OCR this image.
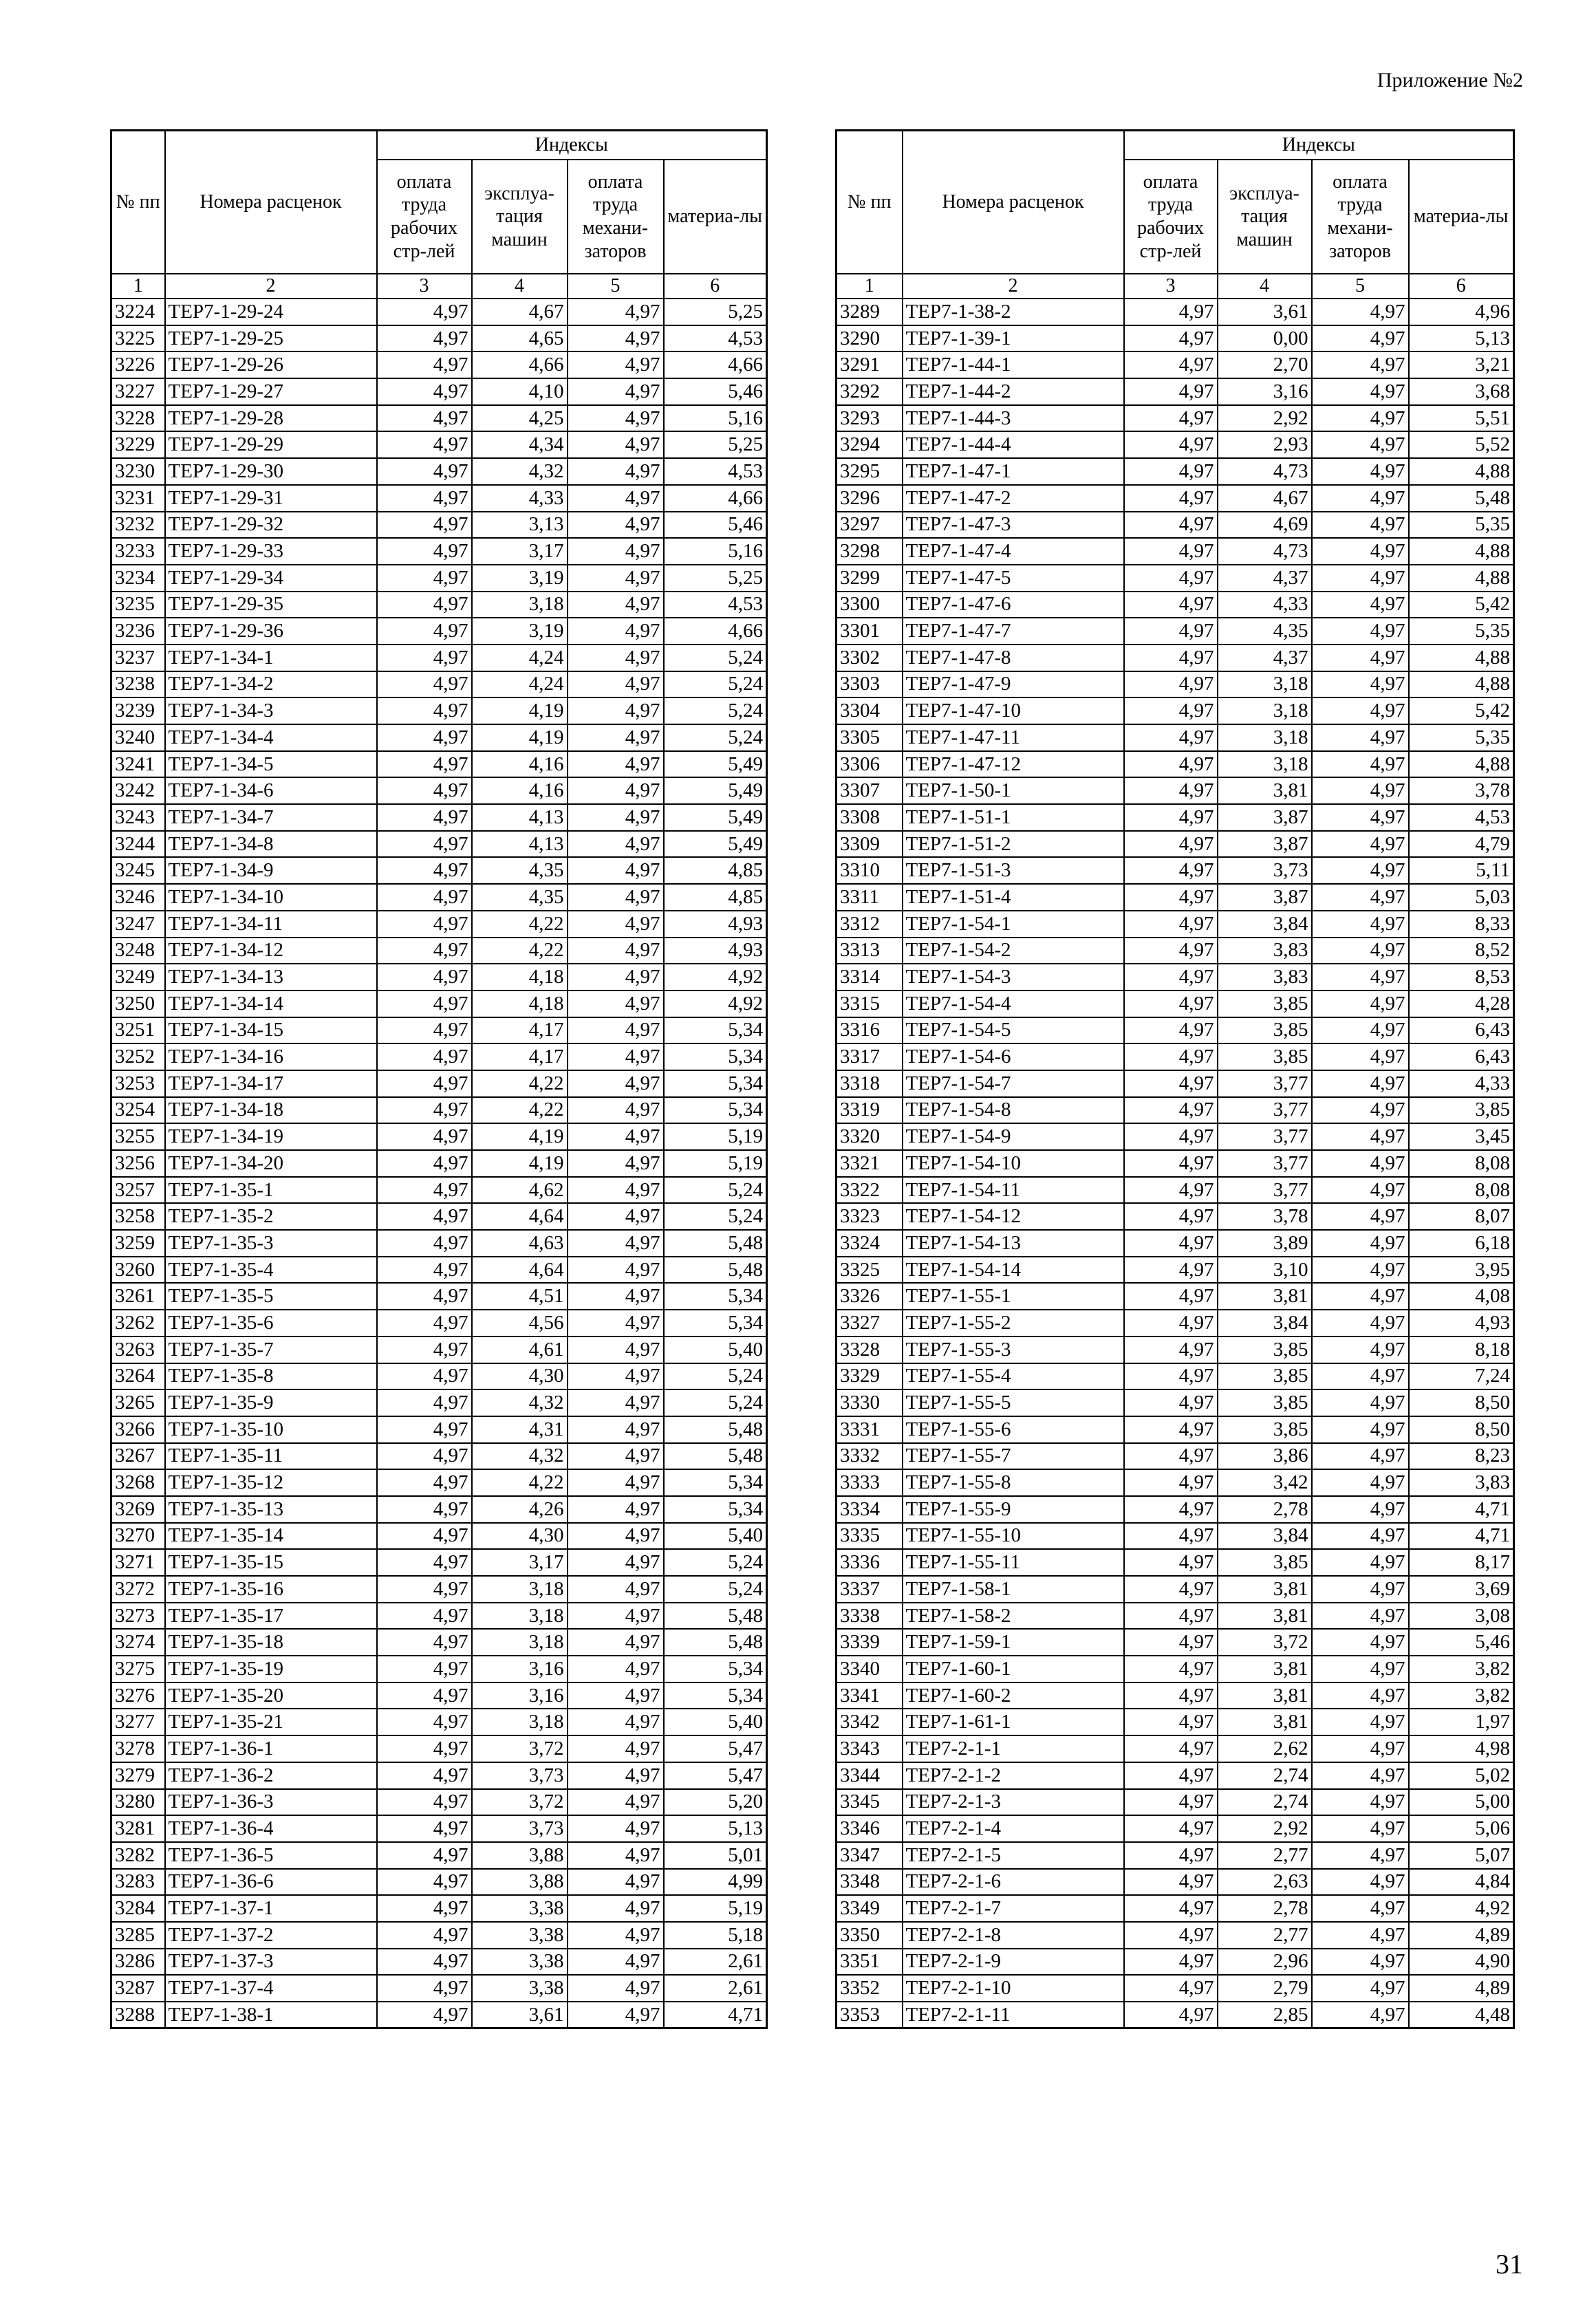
Приложение №2
№ пп	Номера расценок	Индексы			
		оплата труда рабочих стр-лей	эксплуа-тация машин	оплата труда механи-заторов	материа-лы
1	2	3	4	5	6
3224	ТЕР7-1-29-24	4,97	4,67	4,97	5,25
3225	ТЕР7-1-29-25	4,97	4,65	4,97	4,53
3226	ТЕР7-1-29-26	4,97	4,66	4,97	4,66
3227	ТЕР7-1-29-27	4,97	4,10	4,97	5,46
3228	ТЕР7-1-29-28	4,97	4,25	4,97	5,16
3229	ТЕР7-1-29-29	4,97	4,34	4,97	5,25
3230	ТЕР7-1-29-30	4,97	4,32	4,97	4,53
3231	ТЕР7-1-29-31	4,97	4,33	4,97	4,66
3232	ТЕР7-1-29-32	4,97	3,13	4,97	5,46
3233	ТЕР7-1-29-33	4,97	3,17	4,97	5,16
3234	ТЕР7-1-29-34	4,97	3,19	4,97	5,25
3235	ТЕР7-1-29-35	4,97	3,18	4,97	4,53
3236	ТЕР7-1-29-36	4,97	3,19	4,97	4,66
3237	ТЕР7-1-34-1	4,97	4,24	4,97	5,24
3238	ТЕР7-1-34-2	4,97	4,24	4,97	5,24
3239	ТЕР7-1-34-3	4,97	4,19	4,97	5,24
3240	ТЕР7-1-34-4	4,97	4,19	4,97	5,24
3241	ТЕР7-1-34-5	4,97	4,16	4,97	5,49
3242	ТЕР7-1-34-6	4,97	4,16	4,97	5,49
3243	ТЕР7-1-34-7	4,97	4,13	4,97	5,49
3244	ТЕР7-1-34-8	4,97	4,13	4,97	5,49
3245	ТЕР7-1-34-9	4,97	4,35	4,97	4,85
3246	ТЕР7-1-34-10	4,97	4,35	4,97	4,85
3247	ТЕР7-1-34-11	4,97	4,22	4,97	4,93
3248	ТЕР7-1-34-12	4,97	4,22	4,97	4,93
3249	ТЕР7-1-34-13	4,97	4,18	4,97	4,92
3250	ТЕР7-1-34-14	4,97	4,18	4,97	4,92
3251	ТЕР7-1-34-15	4,97	4,17	4,97	5,34
3252	ТЕР7-1-34-16	4,97	4,17	4,97	5,34
3253	ТЕР7-1-34-17	4,97	4,22	4,97	5,34
3254	ТЕР7-1-34-18	4,97	4,22	4,97	5,34
3255	ТЕР7-1-34-19	4,97	4,19	4,97	5,19
3256	ТЕР7-1-34-20	4,97	4,19	4,97	5,19
3257	ТЕР7-1-35-1	4,97	4,62	4,97	5,24
3258	ТЕР7-1-35-2	4,97	4,64	4,97	5,24
3259	ТЕР7-1-35-3	4,97	4,63	4,97	5,48
3260	ТЕР7-1-35-4	4,97	4,64	4,97	5,48
3261	ТЕР7-1-35-5	4,97	4,51	4,97	5,34
3262	ТЕР7-1-35-6	4,97	4,56	4,97	5,34
3263	ТЕР7-1-35-7	4,97	4,61	4,97	5,40
3264	ТЕР7-1-35-8	4,97	4,30	4,97	5,24
3265	ТЕР7-1-35-9	4,97	4,32	4,97	5,24
3266	ТЕР7-1-35-10	4,97	4,31	4,97	5,48
3267	ТЕР7-1-35-11	4,97	4,32	4,97	5,48
3268	ТЕР7-1-35-12	4,97	4,22	4,97	5,34
3269	ТЕР7-1-35-13	4,97	4,26	4,97	5,34
3270	ТЕР7-1-35-14	4,97	4,30	4,97	5,40
3271	ТЕР7-1-35-15	4,97	3,17	4,97	5,24
3272	ТЕР7-1-35-16	4,97	3,18	4,97	5,24
3273	ТЕР7-1-35-17	4,97	3,18	4,97	5,48
3274	ТЕР7-1-35-18	4,97	3,18	4,97	5,48
3275	ТЕР7-1-35-19	4,97	3,16	4,97	5,34
3276	ТЕР7-1-35-20	4,97	3,16	4,97	5,34
3277	ТЕР7-1-35-21	4,97	3,18	4,97	5,40
3278	ТЕР7-1-36-1	4,97	3,72	4,97	5,47
3279	ТЕР7-1-36-2	4,97	3,73	4,97	5,47
3280	ТЕР7-1-36-3	4,97	3,72	4,97	5,20
3281	ТЕР7-1-36-4	4,97	3,73	4,97	5,13
3282	ТЕР7-1-36-5	4,97	3,88	4,97	5,01
3283	ТЕР7-1-36-6	4,97	3,88	4,97	4,99
3284	ТЕР7-1-37-1	4,97	3,38	4,97	5,19
3285	ТЕР7-1-37-2	4,97	3,38	4,97	5,18
3286	ТЕР7-1-37-3	4,97	3,38	4,97	2,61
3287	ТЕР7-1-37-4	4,97	3,38	4,97	2,61
3288	ТЕР7-1-38-1	4,97	3,61	4,97	4,71
№ пп	Номера расценок	Индексы			
		оплата труда рабочих стр-лей	эксплуа-тация машин	оплата труда механи-заторов	материа-лы
1	2	3	4	5	6
3289	ТЕР7-1-38-2	4,97	3,61	4,97	4,96
3290	ТЕР7-1-39-1	4,97	0,00	4,97	5,13
3291	ТЕР7-1-44-1	4,97	2,70	4,97	3,21
3292	ТЕР7-1-44-2	4,97	3,16	4,97	3,68
3293	ТЕР7-1-44-3	4,97	2,92	4,97	5,51
3294	ТЕР7-1-44-4	4,97	2,93	4,97	5,52
3295	ТЕР7-1-47-1	4,97	4,73	4,97	4,88
3296	ТЕР7-1-47-2	4,97	4,67	4,97	5,48
3297	ТЕР7-1-47-3	4,97	4,69	4,97	5,35
3298	ТЕР7-1-47-4	4,97	4,73	4,97	4,88
3299	ТЕР7-1-47-5	4,97	4,37	4,97	4,88
3300	ТЕР7-1-47-6	4,97	4,33	4,97	5,42
3301	ТЕР7-1-47-7	4,97	4,35	4,97	5,35
3302	ТЕР7-1-47-8	4,97	4,37	4,97	4,88
3303	ТЕР7-1-47-9	4,97	3,18	4,97	4,88
3304	ТЕР7-1-47-10	4,97	3,18	4,97	5,42
3305	ТЕР7-1-47-11	4,97	3,18	4,97	5,35
3306	ТЕР7-1-47-12	4,97	3,18	4,97	4,88
3307	ТЕР7-1-50-1	4,97	3,81	4,97	3,78
3308	ТЕР7-1-51-1	4,97	3,87	4,97	4,53
3309	ТЕР7-1-51-2	4,97	3,87	4,97	4,79
3310	ТЕР7-1-51-3	4,97	3,73	4,97	5,11
3311	ТЕР7-1-51-4	4,97	3,87	4,97	5,03
3312	ТЕР7-1-54-1	4,97	3,84	4,97	8,33
3313	ТЕР7-1-54-2	4,97	3,83	4,97	8,52
3314	ТЕР7-1-54-3	4,97	3,83	4,97	8,53
3315	ТЕР7-1-54-4	4,97	3,85	4,97	4,28
3316	ТЕР7-1-54-5	4,97	3,85	4,97	6,43
3317	ТЕР7-1-54-6	4,97	3,85	4,97	6,43
3318	ТЕР7-1-54-7	4,97	3,77	4,97	4,33
3319	ТЕР7-1-54-8	4,97	3,77	4,97	3,85
3320	ТЕР7-1-54-9	4,97	3,77	4,97	3,45
3321	ТЕР7-1-54-10	4,97	3,77	4,97	8,08
3322	ТЕР7-1-54-11	4,97	3,77	4,97	8,08
3323	ТЕР7-1-54-12	4,97	3,78	4,97	8,07
3324	ТЕР7-1-54-13	4,97	3,89	4,97	6,18
3325	ТЕР7-1-54-14	4,97	3,10	4,97	3,95
3326	ТЕР7-1-55-1	4,97	3,81	4,97	4,08
3327	ТЕР7-1-55-2	4,97	3,84	4,97	4,93
3328	ТЕР7-1-55-3	4,97	3,85	4,97	8,18
3329	ТЕР7-1-55-4	4,97	3,85	4,97	7,24
3330	ТЕР7-1-55-5	4,97	3,85	4,97	8,50
3331	ТЕР7-1-55-6	4,97	3,85	4,97	8,50
3332	ТЕР7-1-55-7	4,97	3,86	4,97	8,23
3333	ТЕР7-1-55-8	4,97	3,42	4,97	3,83
3334	ТЕР7-1-55-9	4,97	2,78	4,97	4,71
3335	ТЕР7-1-55-10	4,97	3,84	4,97	4,71
3336	ТЕР7-1-55-11	4,97	3,85	4,97	8,17
3337	ТЕР7-1-58-1	4,97	3,81	4,97	3,69
3338	ТЕР7-1-58-2	4,97	3,81	4,97	3,08
3339	ТЕР7-1-59-1	4,97	3,72	4,97	5,46
3340	ТЕР7-1-60-1	4,97	3,81	4,97	3,82
3341	ТЕР7-1-60-2	4,97	3,81	4,97	3,82
3342	ТЕР7-1-61-1	4,97	3,81	4,97	1,97
3343	ТЕР7-2-1-1	4,97	2,62	4,97	4,98
3344	ТЕР7-2-1-2	4,97	2,74	4,97	5,02
3345	ТЕР7-2-1-3	4,97	2,74	4,97	5,00
3346	ТЕР7-2-1-4	4,97	2,92	4,97	5,06
3347	ТЕР7-2-1-5	4,97	2,77	4,97	5,07
3348	ТЕР7-2-1-6	4,97	2,63	4,97	4,84
3349	ТЕР7-2-1-7	4,97	2,78	4,97	4,92
3350	ТЕР7-2-1-8	4,97	2,77	4,97	4,89
3351	ТЕР7-2-1-9	4,97	2,96	4,97	4,90
3352	ТЕР7-2-1-10	4,97	2,79	4,97	4,89
3353	ТЕР7-2-1-11	4,97	2,85	4,97	4,48
31
